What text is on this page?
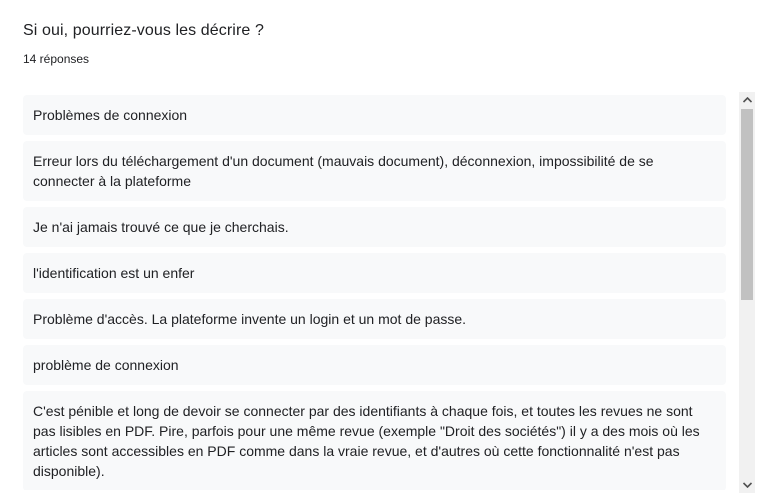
Si oui, pourriez-vous les décrire ?
14 réponses
Problèmes de connexion
Erreur lors du téléchargement d'un document (mauvais document), déconnexion, impossibilité de se connecter à la plateforme
Je n'ai jamais trouvé ce que je cherchais.
l'identification est un enfer
Problème d'accès. La plateforme invente un login et un mot de passe.
problème de connexion
C'est pénible et long de devoir se connecter par des identifiants à chaque fois, et toutes les revues ne sont pas lisibles en PDF. Pire, parfois pour une même revue (exemple "Droit des sociétés") il y a des mois où les articles sont accessibles en PDF comme dans la vraie revue, et d'autres où cette fonctionnalité n'est pas disponible).
